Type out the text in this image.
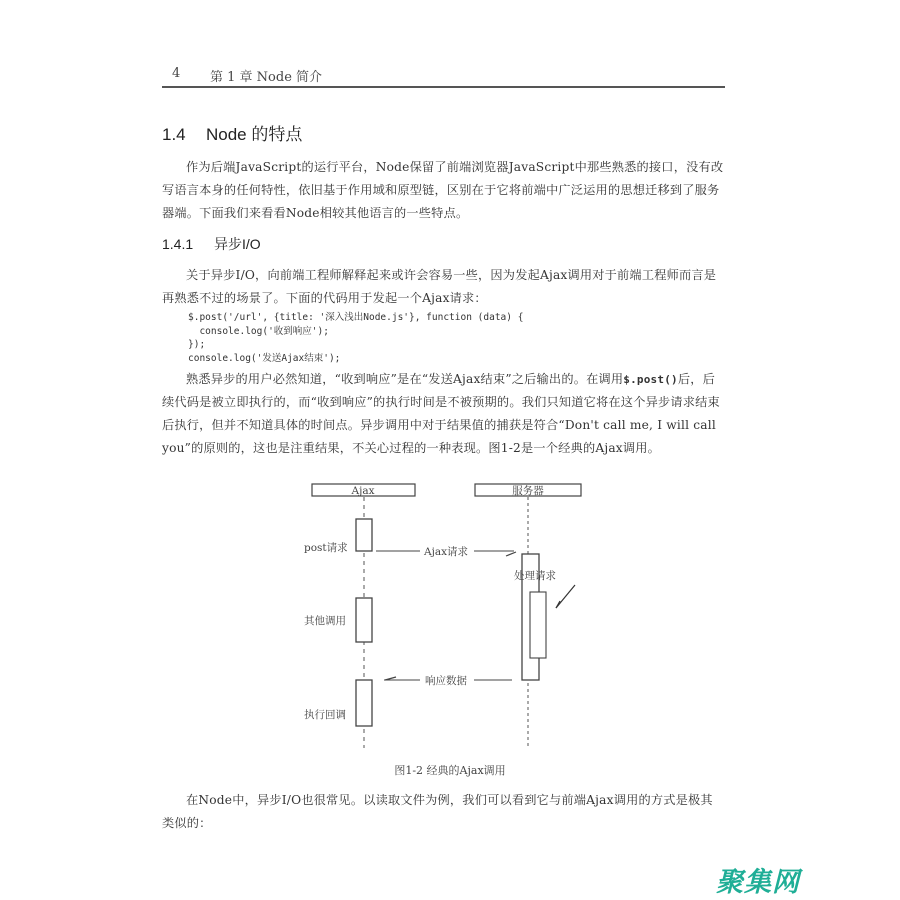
4 第 1 章 Node 简介
1.4 Node 的特点
作为后端JavaScript的运行平台，Node保留了前端浏览器JavaScript中那些熟悉的接口，没有改写语言本身的任何特性，依旧基于作用域和原型链，区别在于它将前端中广泛运用的思想迁移到了服务器端。下面我们来看看Node相较其他语言的一些特点。
1.4.1 异步I/O
关于异步I/O，向前端工程师解释起来或许会容易一些，因为发起Ajax调用对于前端工程师而言是再熟悉不过的场景了。下面的代码用于发起一个Ajax请求：
$.post('/url', {title: '深入浅出Node.js'}, function (data) {
console.log('收到响应');
});
console.log('发送Ajax结束');
熟悉异步的用户必然知道，“收到响应”是在“发送Ajax结束”之后输出的。在调用$.post()后，后续代码是被立即执行的，而“收到响应”的执行时间是不被预期的。我们只知道它将在这个异步请求结束后执行，但并不知道具体的时间点。异步调用中对于结果值的捕获是符合“Don't call me, I will call you”的原则的，这也是注重结果，不关心过程的一种表现。图1-2是一个经典的Ajax调用。
Ajax	服务器
Ajax请求
响应数据
post请求
处理请求
其他调用
执行回调
图1-2 经典的Ajax调用
在Node中，异步I/O也很常见。以读取文件为例，我们可以看到它与前端Ajax调用的方式是极其类似的：
聚集网
